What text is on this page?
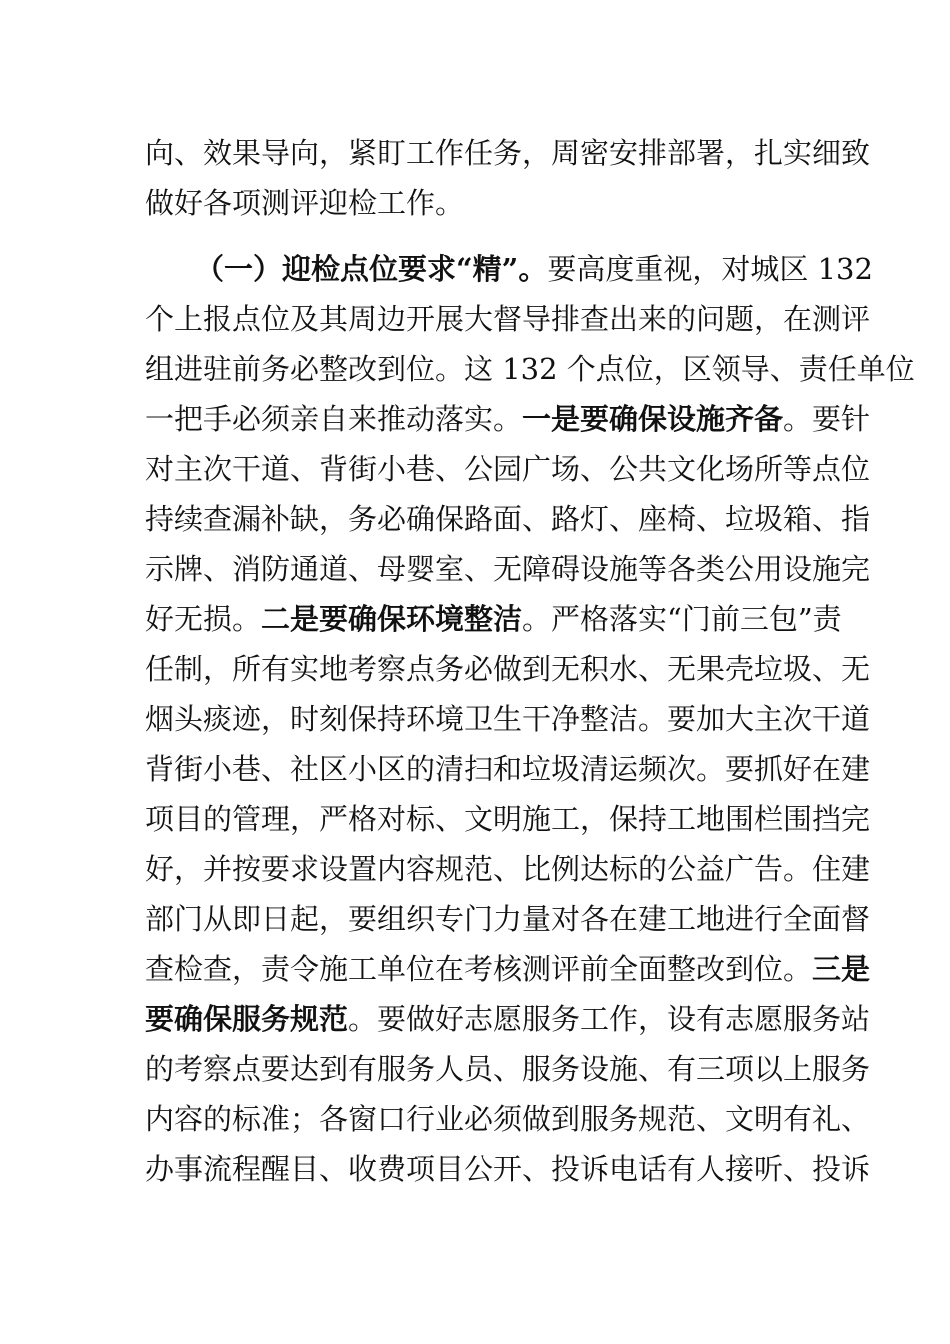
向、效果导向，紧盯工作任务，周密安排部署，扎实细致
做好各项测评迎检工作。
（一）迎检点位要求“精”。要高度重视，对城区 132
个上报点位及其周边开展大督导排查出来的问题，在测评
组进驻前务必整改到位。这 132 个点位，区领导、责任单位
一把手必须亲自来推动落实。一是要确保设施齐备。要针
对主次干道、背街小巷、公园广场、公共文化场所等点位
持续查漏补缺，务必确保路面、路灯、座椅、垃圾箱、指
示牌、消防通道、母婴室、无障碍设施等各类公用设施完
好无损。二是要确保环境整洁。严格落实“门前三包”责
任制，所有实地考察点务必做到无积水、无果壳垃圾、无
烟头痰迹，时刻保持环境卫生干净整洁。要加大主次干道
背街小巷、社区小区的清扫和垃圾清运频次。要抓好在建
项目的管理，严格对标、文明施工，保持工地围栏围挡完
好，并按要求设置内容规范、比例达标的公益广告。住建
部门从即日起，要组织专门力量对各在建工地进行全面督
查检查，责令施工单位在考核测评前全面整改到位。三是
要确保服务规范。要做好志愿服务工作，设有志愿服务站
的考察点要达到有服务人员、服务设施、有三项以上服务
内容的标准；各窗口行业必须做到服务规范、文明有礼、
办事流程醒目、收费项目公开、投诉电话有人接听、投诉
